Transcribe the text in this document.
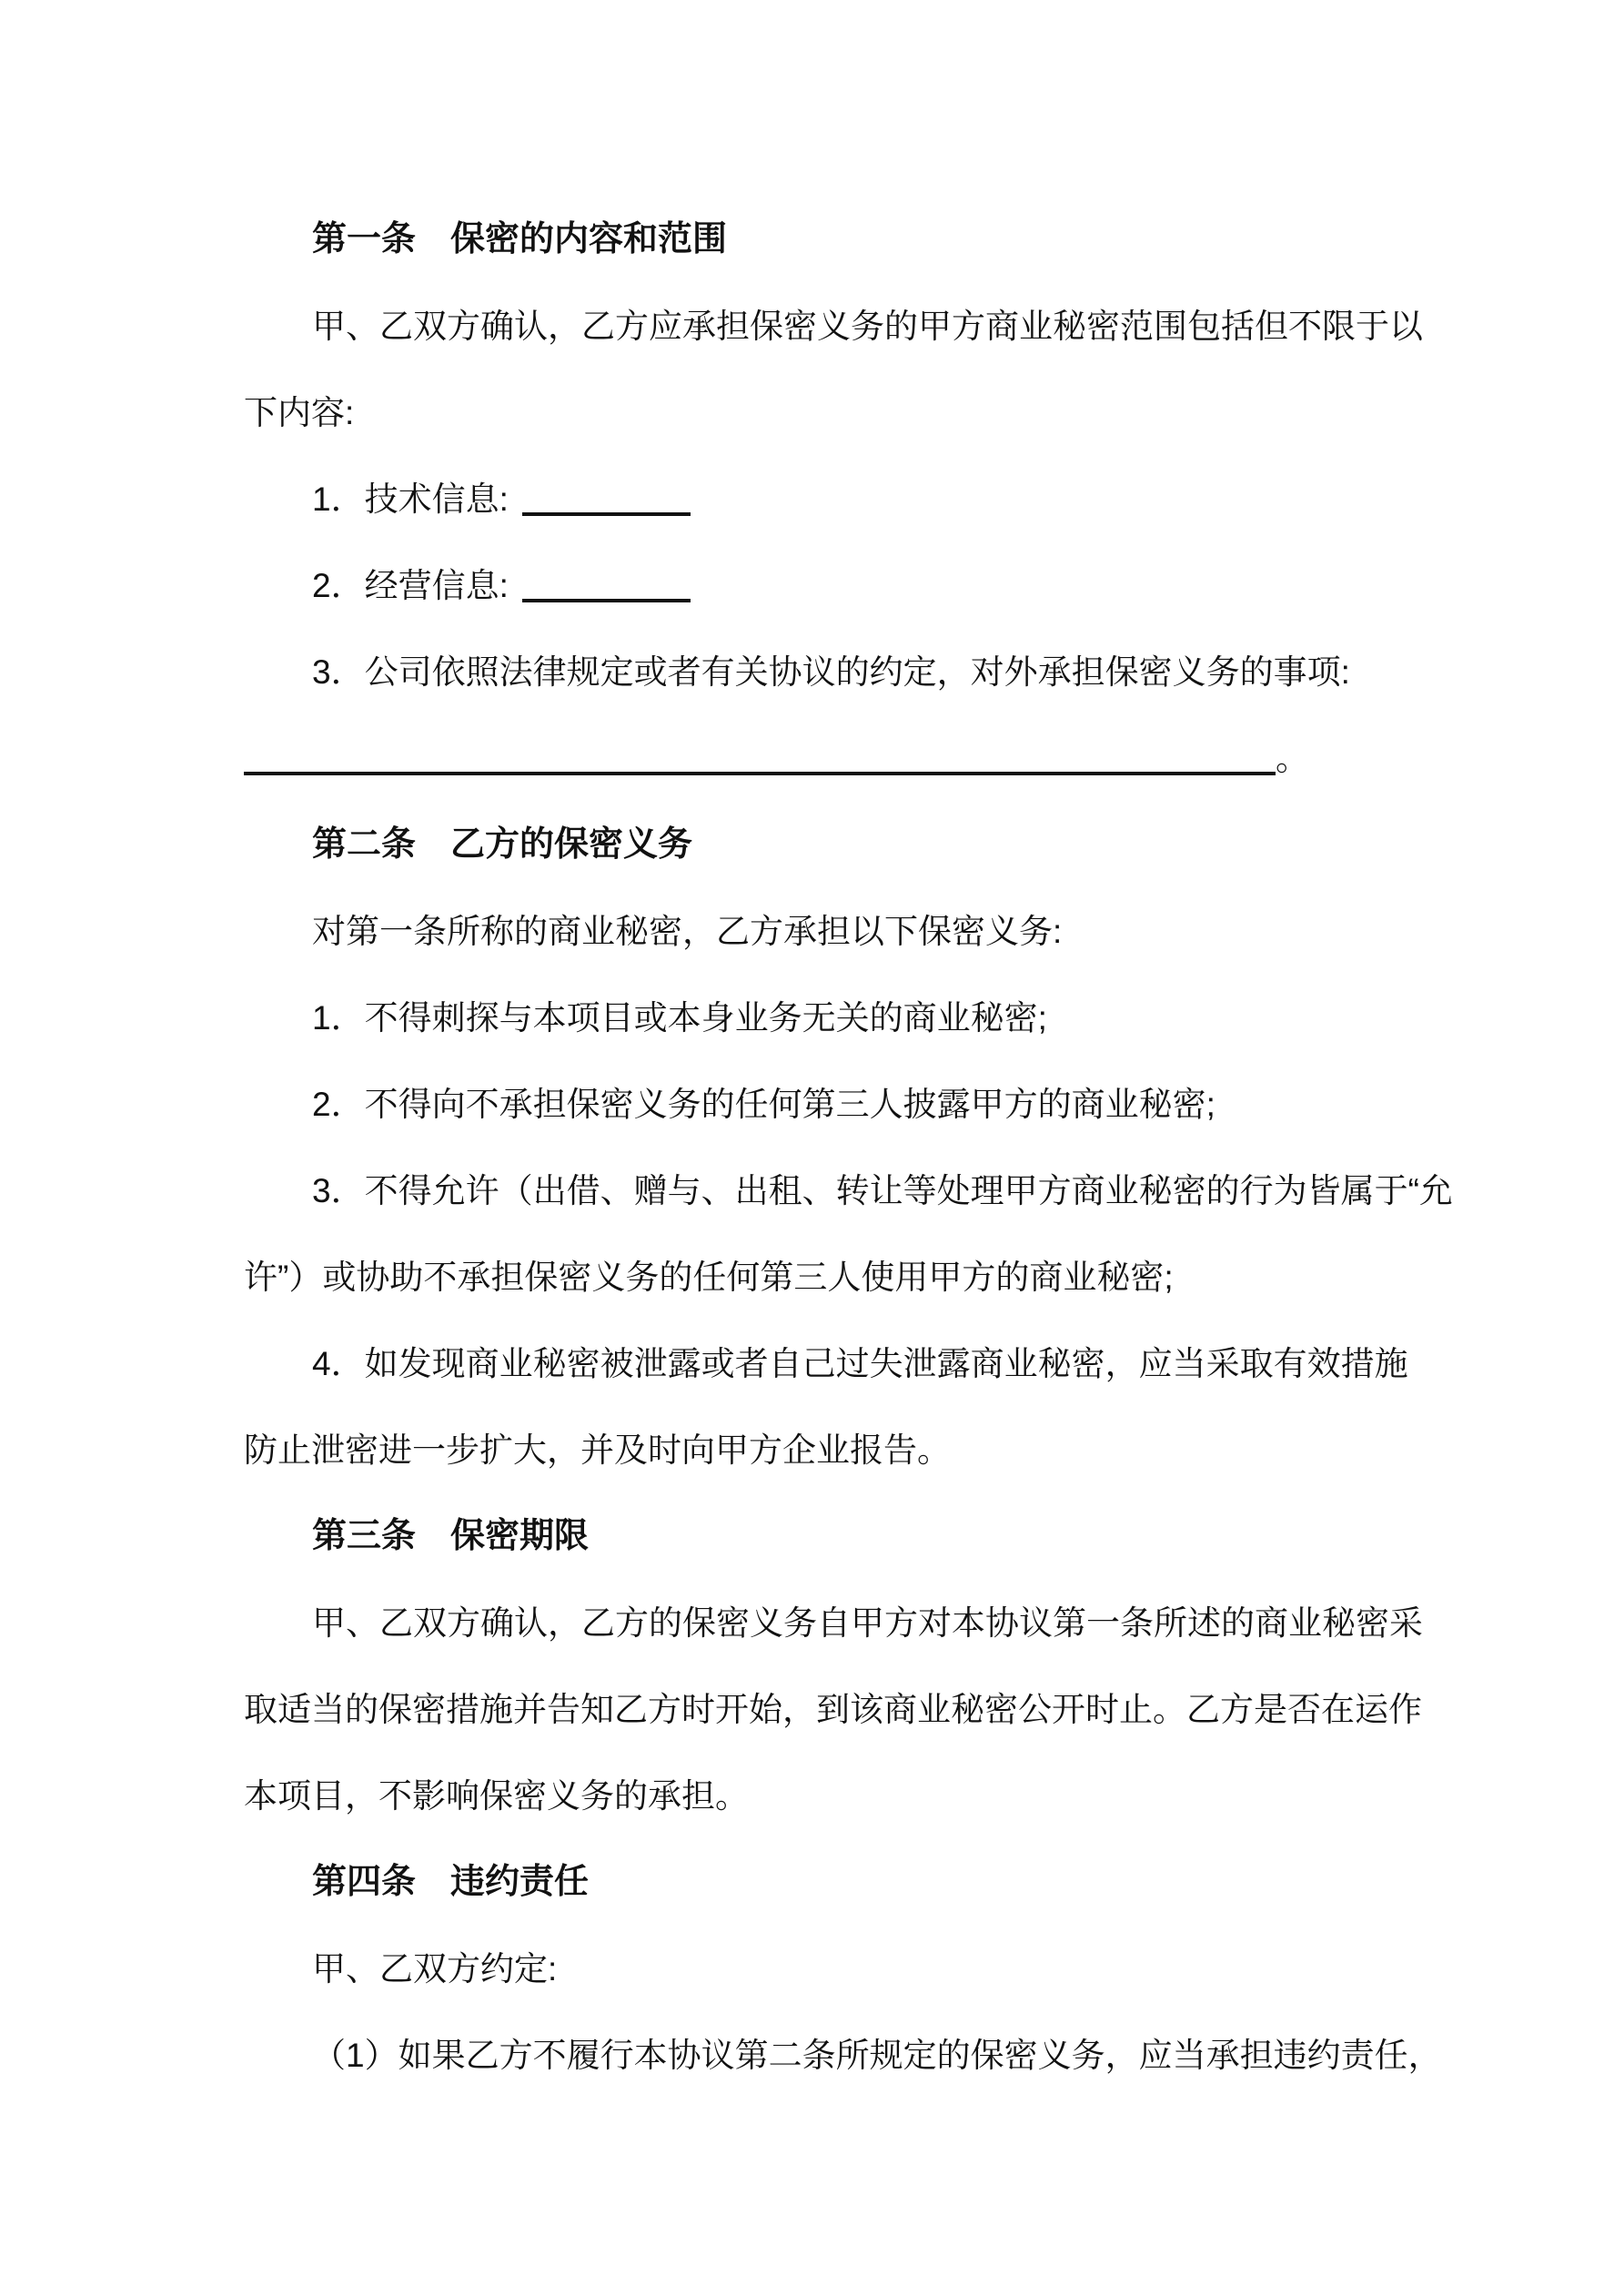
第一条　保密的内容和范围
甲、乙双方确认，乙方应承担保密义务的甲方商业秘密范围包括但不限于以
下内容:
1．技术信息:
2．经营信息:
3．公司依照法律规定或者有关协议的约定，对外承担保密义务的事项:
。
第二条　乙方的保密义务
对第一条所称的商业秘密，乙方承担以下保密义务:
1．不得刺探与本项目或本身业务无关的商业秘密;
2．不得向不承担保密义务的任何第三人披露甲方的商业秘密;
3．不得允许（出借、赠与、出租、转让等处理甲方商业秘密的行为皆属于“允
许”）或协助不承担保密义务的任何第三人使用甲方的商业秘密;
4．如发现商业秘密被泄露或者自己过失泄露商业秘密，应当采取有效措施
防止泄密进一步扩大，并及时向甲方企业报告。
第三条　保密期限
甲、乙双方确认，乙方的保密义务自甲方对本协议第一条所述的商业秘密采
取适当的保密措施并告知乙方时开始，到该商业秘密公开时止。乙方是否在运作
本项目，不影响保密义务的承担。
第四条　违约责任
甲、乙双方约定:
（1）如果乙方不履行本协议第二条所规定的保密义务，应当承担违约责任，
